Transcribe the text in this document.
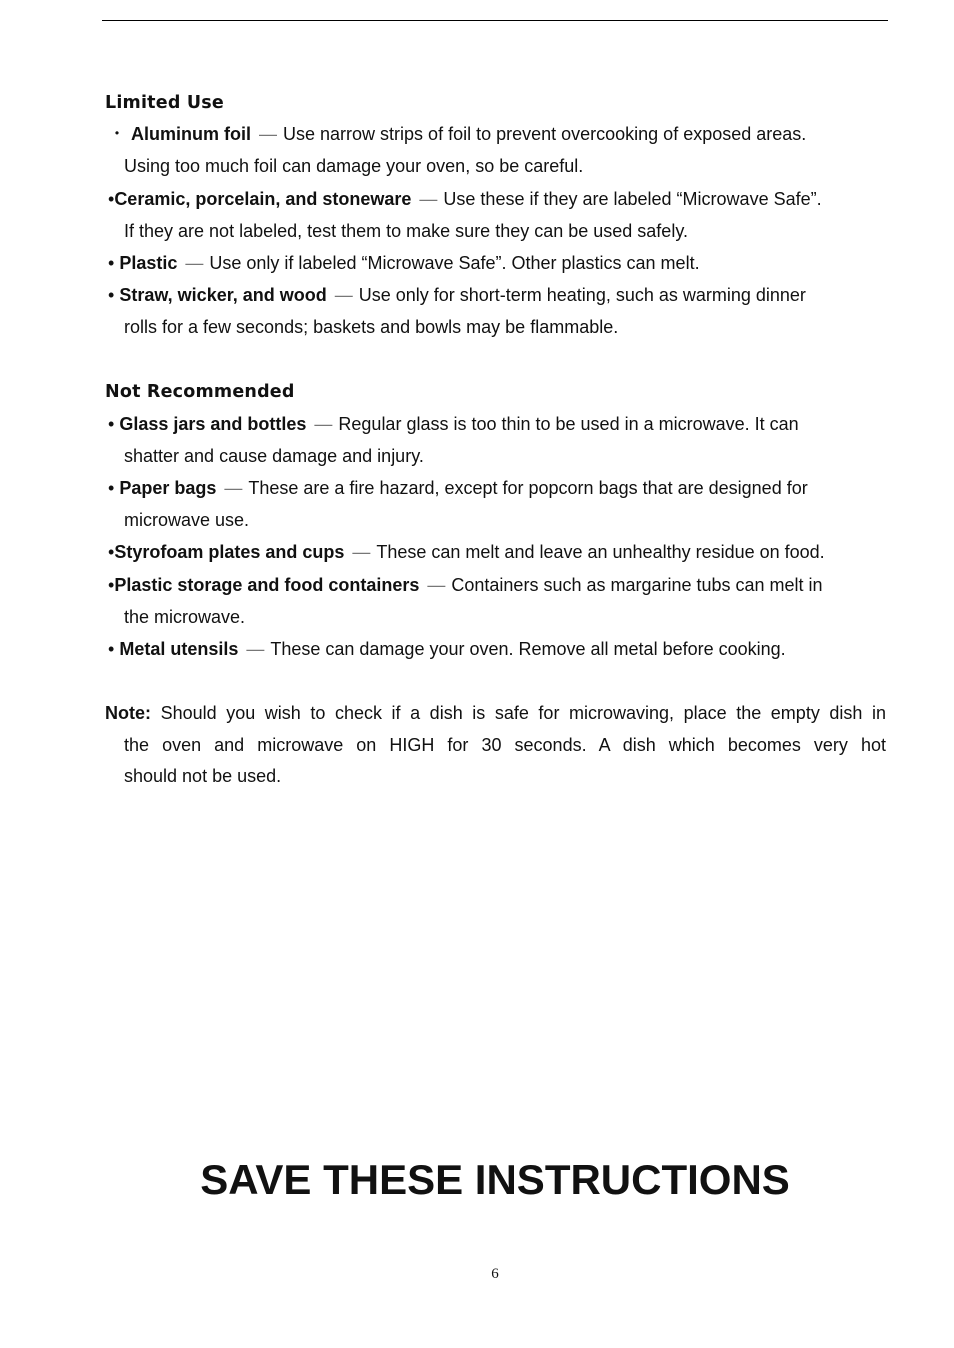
Limited Use
・ Aluminum foil — Use narrow strips of foil to prevent overcooking of exposed areas.
Using too much foil can damage your oven, so be careful.
•Ceramic, porcelain, and stoneware — Use these if they are labeled “Microwave Safe”.
If they are not labeled, test them to make sure they can be used safely.
• Plastic — Use only if labeled “Microwave Safe”. Other plastics can melt.
• Straw, wicker, and wood — Use only for short-term heating, such as warming dinner
rolls for a few seconds; baskets and bowls may be flammable.
Not Recommended
• Glass jars and bottles — Regular glass is too thin to be used in a microwave. It can
shatter and cause damage and injury.
• Paper bags — These are a fire hazard, except for popcorn bags that are designed for
microwave use.
•Styrofoam plates and cups — These can melt and leave an unhealthy residue on food.
•Plastic storage and food containers — Containers such as margarine tubs can melt in
the microwave.
• Metal utensils — These can damage your oven. Remove all metal before cooking.
Note: Should you wish to check if a dish is safe for microwaving, place the empty dish in
the oven and microwave on HIGH for 30 seconds. A dish which becomes very hot
should not be used.
SAVE THESE INSTRUCTIONS
6
